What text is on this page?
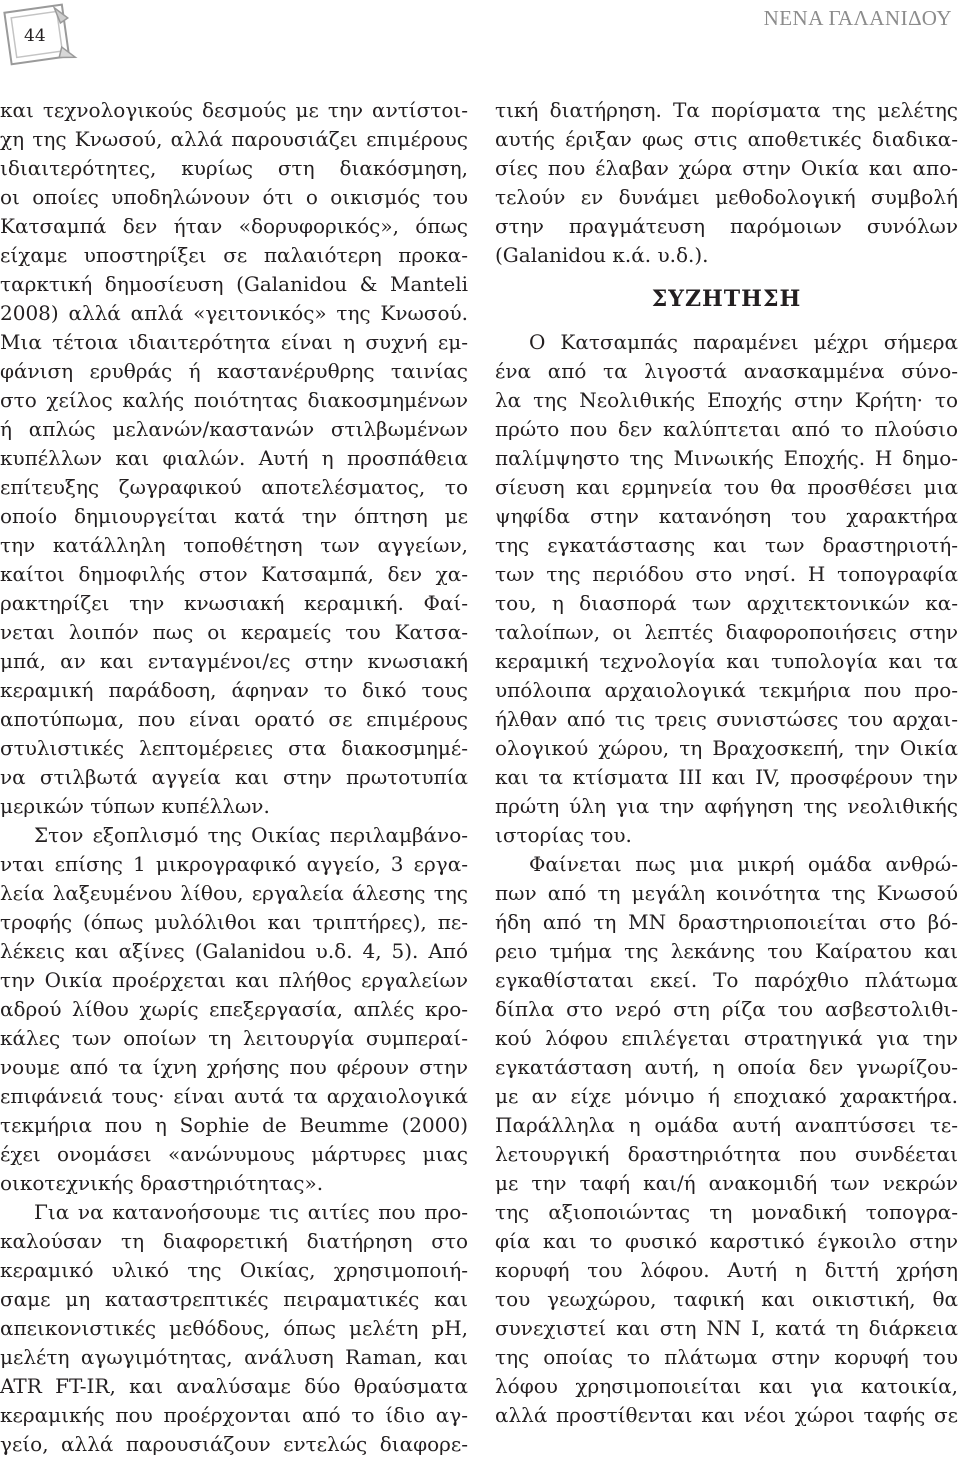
44
ΝΕΝΑ ΓΑΛΑΝΙΔΟΥ
και τεχνολογικούς δεσμούς με την αντίστοι-
χη της Κνωσού, αλλά παρουσιάζει επιμέρους
ιδιαιτερότητες, κυρίως στη διακόσμηση,
οι οποίες υποδηλώνουν ότι ο οικισμός του
Κατσαμπά δεν ήταν «δορυφορικός», όπως
είχαμε υποστηρίξει σε παλαιότερη προκα-
ταρκτική δημοσίευση (Galanidou & Manteli
2008) αλλά απλά «γειτονικός» της Κνωσού.
Μια τέτοια ιδιαιτερότητα είναι η συχνή εμ-
φάνιση ερυθράς ή καστανέρυθρης ταινίας
στο χείλος καλής ποιότητας διακοσμημένων
ή απλώς μελανών/καστανών στιλβωμένων
κυπέλλων και φιαλών. Αυτή η προσπάθεια
επίτευξης ζωγραφικού αποτελέσματος, το
οποίο δημιουργείται κατά την όπτηση με
την κατάλληλη τοποθέτηση των αγγείων,
καίτοι δημοφιλής στον Κατσαμπά, δεν χα-
ρακτηρίζει την κνωσιακή κεραμική. Φαί-
νεται λοιπόν πως οι κεραμείς του Κατσα-
μπά, αν και ενταγμένοι/ες στην κνωσιακή
κεραμική παράδοση, άφηναν το δικό τους
αποτύπωμα, που είναι ορατό σε επιμέρους
στυλιστικές λεπτομέρειες στα διακοσμημέ-
να στιλβωτά αγγεία και στην πρωτοτυπία
μερικών τύπων κυπέλλων.
Στον εξοπλισμό της Οικίας περιλαμβάνο-
νται επίσης 1 μικρογραφικό αγγείο, 3 εργα-
λεία λαξευμένου λίθου, εργαλεία άλεσης της
τροφής (όπως μυλόλιθοι και τριπτήρες), πε-
λέκεις και αξίνες (Galanidou υ.δ. 4, 5). Από
την Οικία προέρχεται και πλήθος εργαλείων
αδρού λίθου χωρίς επεξεργασία, απλές κρο-
κάλες των οποίων τη λειτουργία συμπεραί-
νουμε από τα ίχνη χρήσης που φέρουν στην
επιφάνειά τους· είναι αυτά τα αρχαιολογικά
τεκμήρια που η Sophie de Beumme (2000)
έχει ονομάσει «ανώνυμους μάρτυρες μιας
οικοτεχνικής δραστηριότητας».
Για να κατανοήσουμε τις αιτίες που προ-
καλούσαν τη διαφορετική διατήρηση στο
κεραμικό υλικό της Οικίας, χρησιμοποιή-
σαμε μη καταστρεπτικές πειραματικές και
απεικονιστικές μεθόδους, όπως μελέτη pH,
μελέτη αγωγιμότητας, ανάλυση Raman, και
ATR FT-IR, και αναλύσαμε δύο θραύσματα
κεραμικής που προέρχονται από το ίδιο αγ-
γείο, αλλά παρουσιάζουν εντελώς διαφορε-
τική διατήρηση. Τα πορίσματα της μελέτης
αυτής έριξαν φως στις αποθετικές διαδικα-
σίες που έλαβαν χώρα στην Οικία και απο-
τελούν εν δυνάμει μεθοδολογική συμβολή
στην πραγμάτευση παρόμοιων συνόλων
(Galanidou κ.ά. υ.δ.).
ΣΥΖΗΤΗΣΗ
Ο Κατσαμπάς παραμένει μέχρι σήμερα
ένα από τα λιγοστά ανασκαμμένα σύνο-
λα της Νεολιθικής Εποχής στην Κρήτη· το
πρώτο που δεν καλύπτεται από το πλούσιο
παλίμψηστο της Μινωικής Εποχής. Η δημο-
σίευση και ερμηνεία του θα προσθέσει μια
ψηφίδα στην κατανόηση του χαρακτήρα
της εγκατάστασης και των δραστηριοτή-
των της περιόδου στο νησί. Η τοπογραφία
του, η διασπορά των αρχιτεκτονικών κα-
ταλοίπων, οι λεπτές διαφοροποιήσεις στην
κεραμική τεχνολογία και τυπολογία και τα
υπόλοιπα αρχαιολογικά τεκμήρια που προ-
ήλθαν από τις τρεις συνιστώσες του αρχαι-
ολογικού χώρου, τη Βραχοσκεπή, την Οικία
και τα κτίσματα ΙΙΙ και ΙV, προσφέρουν την
πρώτη ύλη για την αφήγηση της νεολιθικής
ιστορίας του.
Φαίνεται πως μια μικρή ομάδα ανθρώ-
πων από τη μεγάλη κοινότητα της Κνωσού
ήδη από τη ΜΝ δραστηριοποιείται στο βό-
ρειο τμήμα της λεκάνης του Καίρατου και
εγκαθίσταται εκεί. Το παρόχθιο πλάτωμα
δίπλα στο νερό στη ρίζα του ασβεστολιθι-
κού λόφου επιλέγεται στρατηγικά για την
εγκατάσταση αυτή, η οποία δεν γνωρίζου-
με αν είχε μόνιμο ή εποχιακό χαρακτήρα.
Παράλληλα η ομάδα αυτή αναπτύσσει τε-
λετουργική δραστηριότητα που συνδέεται
με την ταφή και/ή ανακομιδή των νεκρών
της αξιοποιώντας τη μοναδική τοπογρα-
φία και το φυσικό καρστικό έγκοιλο στην
κορυφή του λόφου. Αυτή η διττή χρήση
του γεωχώρου, ταφική και οικιστική, θα
συνεχιστεί και στη ΝΝ Ι, κατά τη διάρκεια
της οποίας το πλάτωμα στην κορυφή του
λόφου χρησιμοποιείται και για κατοικία,
αλλά προστίθενται και νέοι χώροι ταφής σε
